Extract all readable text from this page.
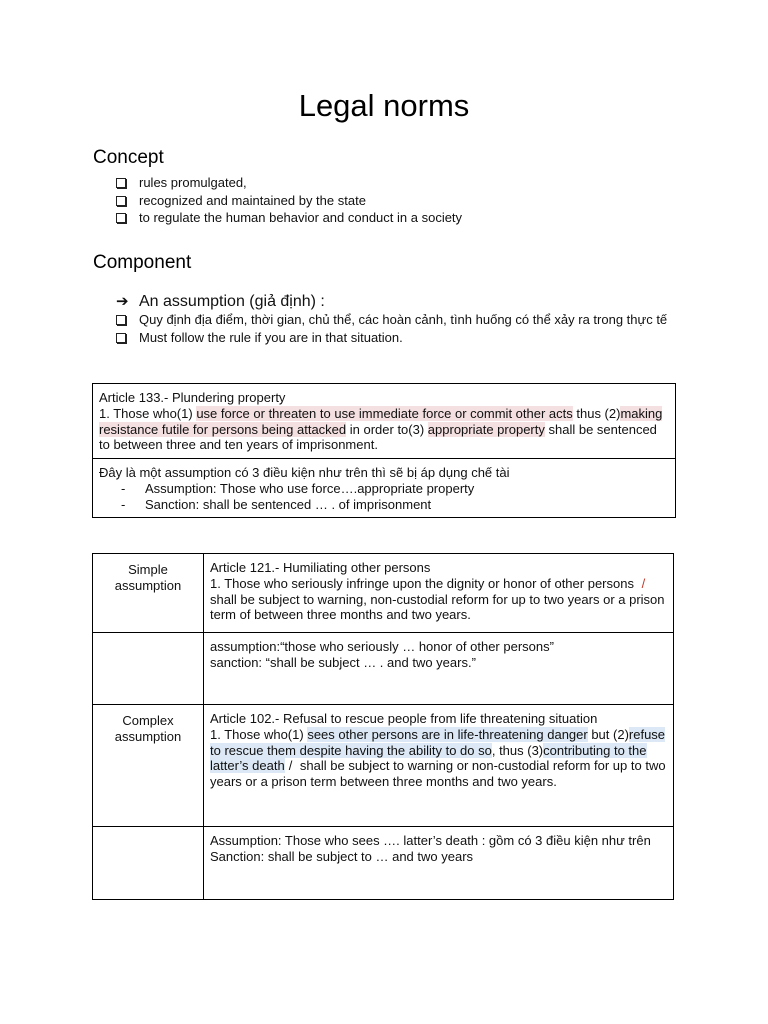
Legal norms
Concept
rules promulgated,
recognized and maintained by the state
to regulate the human behavior and conduct in a society
Component
➔ An assumption (giả định) :
Quy định địa điểm, thời gian, chủ thể, các hoàn cảnh, tình huống có thể xảy ra trong thực tế
Must follow the rule if you are in that situation.
Article 133.- Plundering property
1. Those who(1) use force or threaten to use immediate force or commit other acts thus (2)making resistance futile for persons being attacked in order to(3) appropriate property shall be sentenced to between three and ten years of imprisonment.
Đây là một assumption có 3 điều kiện như trên thì sẽ bị áp dụng chế tài
- Assumption: Those who use force….appropriate property
- Sanction: shall be sentenced … . of imprisonment
Simple assumption	Article 121.- Humiliating other persons
1. Those who seriously infringe upon the dignity or honor of other persons / shall be subject to warning, non-custodial reform for up to two years or a prison term of between three months and two years.

	assumption:“those who seriously … honor of other persons”
sanction: “shall be subject … . and two years.”

Complex assumption	Article 102.- Refusal to rescue people from life threatening situation
1. Those who(1) sees other persons are in life-threatening danger but (2)refuse to rescue them despite having the ability to do so, thus (3)contributing to the latter’s death / shall be subject to warning or non-custodial reform for up to two years or a prison term between three months and two years.

	Assumption: Those who sees …. latter’s death : gồm có 3 điều kiện như trên
Sanction: shall be subject to … and two years
